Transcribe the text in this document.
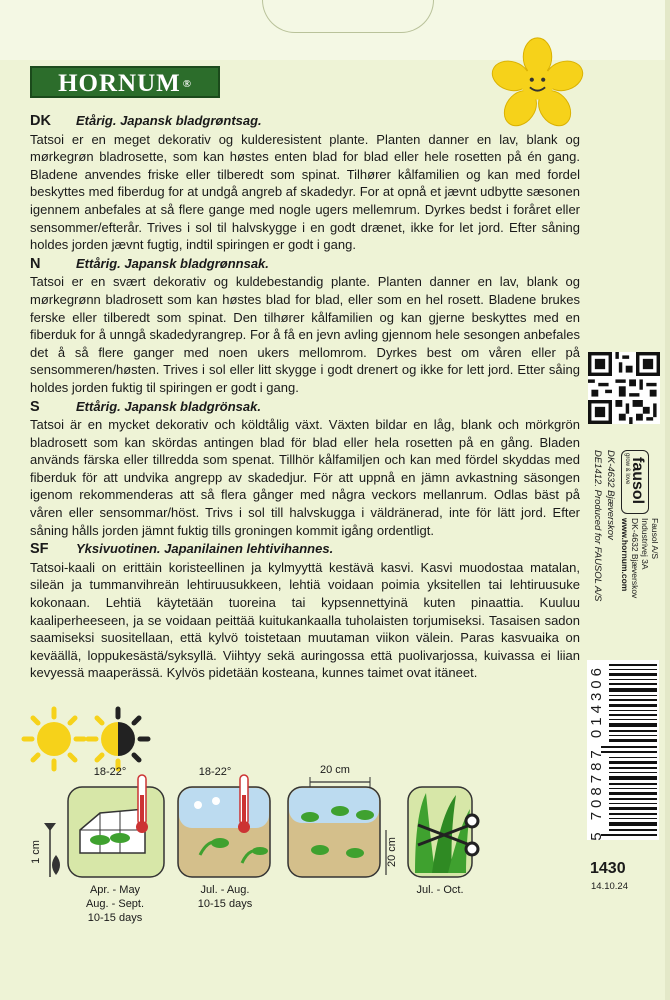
HORNUM ®

DK Etårig. Japansk bladgrøntsag.

Tatsoi er en meget dekorativ og kulderesistent plante. Planten danner en lav, blank og mørkegrøn bladrosette, som kan høstes enten blad for blad eller hele rosetten på én gang. Bladene anvendes friske eller tilberedt som spinat. Tilhører kålfamilien og kan med fordel beskyttes med fiberdug for at undgå angreb af skadedyr. For at opnå et jævnt udbytte sæsonen igennem anbefales at så flere gange med nogle ugers mellemrum. Dyrkes bedst i foråret eller sensommer/efterår. Trives i sol til halvskygge i en godt drænet, ikke for let jord. Efter såning holdes jorden jævnt fugtig, indtil spiringen er godt i gang.

N	Ettårig. Japansk bladgrønnsak.

Tatsoi er en svært dekorativ og kuldebestandig plante. Planten danner en lav, blank og mørkegrønn bladrosett som kan høstes blad for blad, eller som en hel rosett. Bladene brukes ferske eller tilberedt som spinat. Den tilhører kålfamilien og kan gjerne beskyttes med en fiberduk for å unngå skadedyrangrep. For å få en jevn avling gjennom hele sesongen anbefales det å så flere ganger med noen ukers mellomrom. Dyrkes best om våren eller på sensommeren/høsten. Trives i sol eller litt skygge i godt drenert og ikke for lett jord. Etter såing holdes jorden fuktig til spiringen er godt i gang.

S	Ettårig. Japansk bladgrönsak.

Tatsoi är en mycket dekorativ och köldtålig växt. Växten bildar en låg, blank och mörkgrön bladrosett som kan skördas antingen blad för blad eller hela rosetten på en gång. Bladen används färska eller tillredda som spenat. Tillhör kålfamiljen och kan med fördel skyddas med fiberduk för att undvika angrepp av skadedjur. För att uppnå en jämn avkastning säsongen igenom rekommenderas att så flera gånger med några veckors mellanrum. Odlas bäst på våren eller sensommar/höst. Trivs i sol till halvskugga i väldränerad, inte för lätt jord. Efter såning hålls jorden jämnt fuktig tills groningen kommit igång ordentligt.

SF Yksivuotinen. Japanilainen lehtivihannes.

Tatsoi-kaali on erittäin koristeellinen ja kylmyyttä kestävä kasvi. Kasvi muodostaa matalan, sileän ja tummanvihreän lehtiruusukkeen, lehtiä voidaan poimia yksitellen tai lehtiruusuke kokonaan. Lehtiä käytetään tuoreina tai kypsennettyinä kuten pinaattia. Kuuluu kaaliperheeseen, ja se voidaan peittää kuitukankaalla tuholaisten torjumiseksi. Tasaisen sadon saamiseksi suositellaan, että kylvö toistetaan muutaman viikon välein. Paras kasvuaika on keväällä, loppukesästä/syksyllä. Viihtyy sekä auringossa että puolivarjossa, kuivassa ei liian kevyessä maaperässä. Kylvös pidetään kosteana, kunnes taimet ovat itäneet.

18-22°	18-22°	20 cm
1 cm	20 cm
Apr. - May
Aug. - Sept.
10-15 days
Jul. - Aug.
10-15 days
Jul. - Oct.
DE1412. Produced for FAUSOL A/S DK-4632 Bjæverskov grow & love fausol
Fausol A/S
Industrivej 3A
DK-4632 Bjæverskov
www.hornum.com
5 708787 014306
1430
14.10.24
